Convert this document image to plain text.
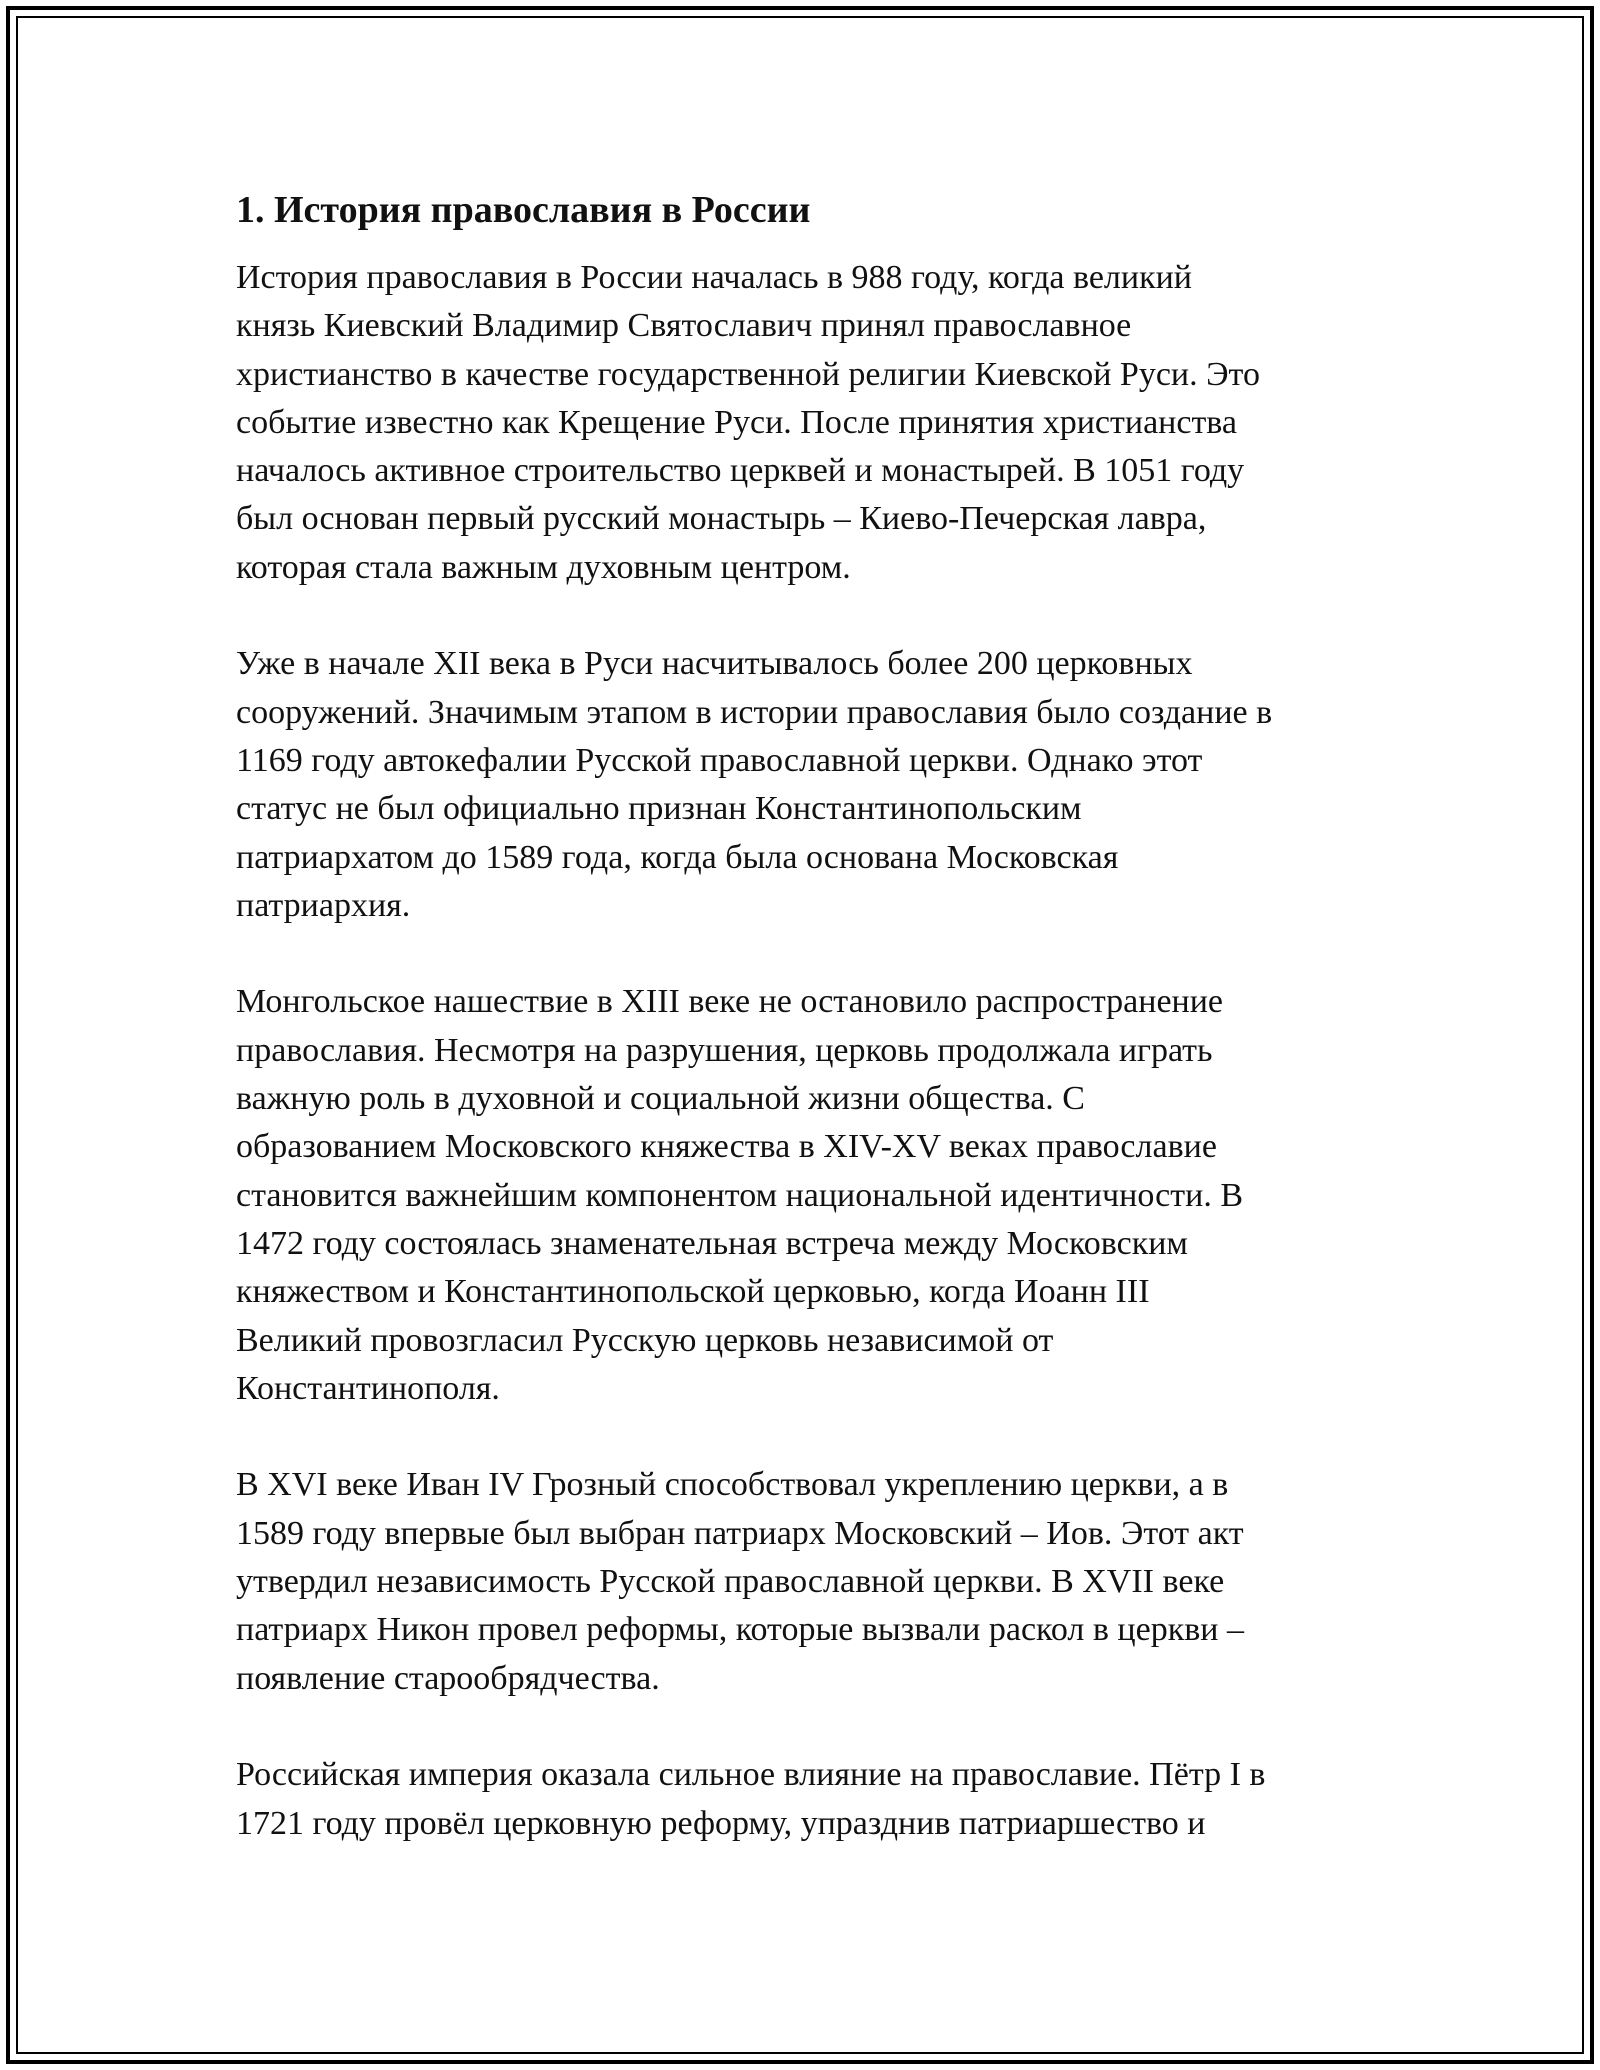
1. История православия в России

История православия в России началась в 988 году, когда великий
князь Киевский Владимир Святославич принял православное
христианство в качестве государственной религии Киевской Руси. Это
событие известно как Крещение Руси. После принятия христианства
началось активное строительство церквей и монастырей. В 1051 году
был основан первый русский монастырь – Киево-Печерская лавра,
которая стала важным духовным центром.

Уже в начале XII века в Руси насчитывалось более 200 церковных
сооружений. Значимым этапом в истории православия было создание в
1169 году автокефалии Русской православной церкви. Однако этот
статус не был официально признан Константинопольским
патриархатом до 1589 года, когда была основана Московская
патриархия.

Монгольское нашествие в XIII веке не остановило распространение
православия. Несмотря на разрушения, церковь продолжала играть
важную роль в духовной и социальной жизни общества. С
образованием Московского княжества в XIV-XV веках православие
становится важнейшим компонентом национальной идентичности. В
1472 году состоялась знаменательная встреча между Московским
княжеством и Константинопольской церковью, когда Иоанн III
Великий провозгласил Русскую церковь независимой от
Константинополя.

В XVI веке Иван IV Грозный способствовал укреплению церкви, а в
1589 году впервые был выбран патриарх Московский – Иов. Этот акт
утвердил независимость Русской православной церкви. В XVII веке
патриарх Никон провел реформы, которые вызвали раскол в церкви –
появление старообрядчества.

Российская империя оказала сильное влияние на православие. Пётр I в
1721 году провёл церковную реформу, упразднив патриаршество и
